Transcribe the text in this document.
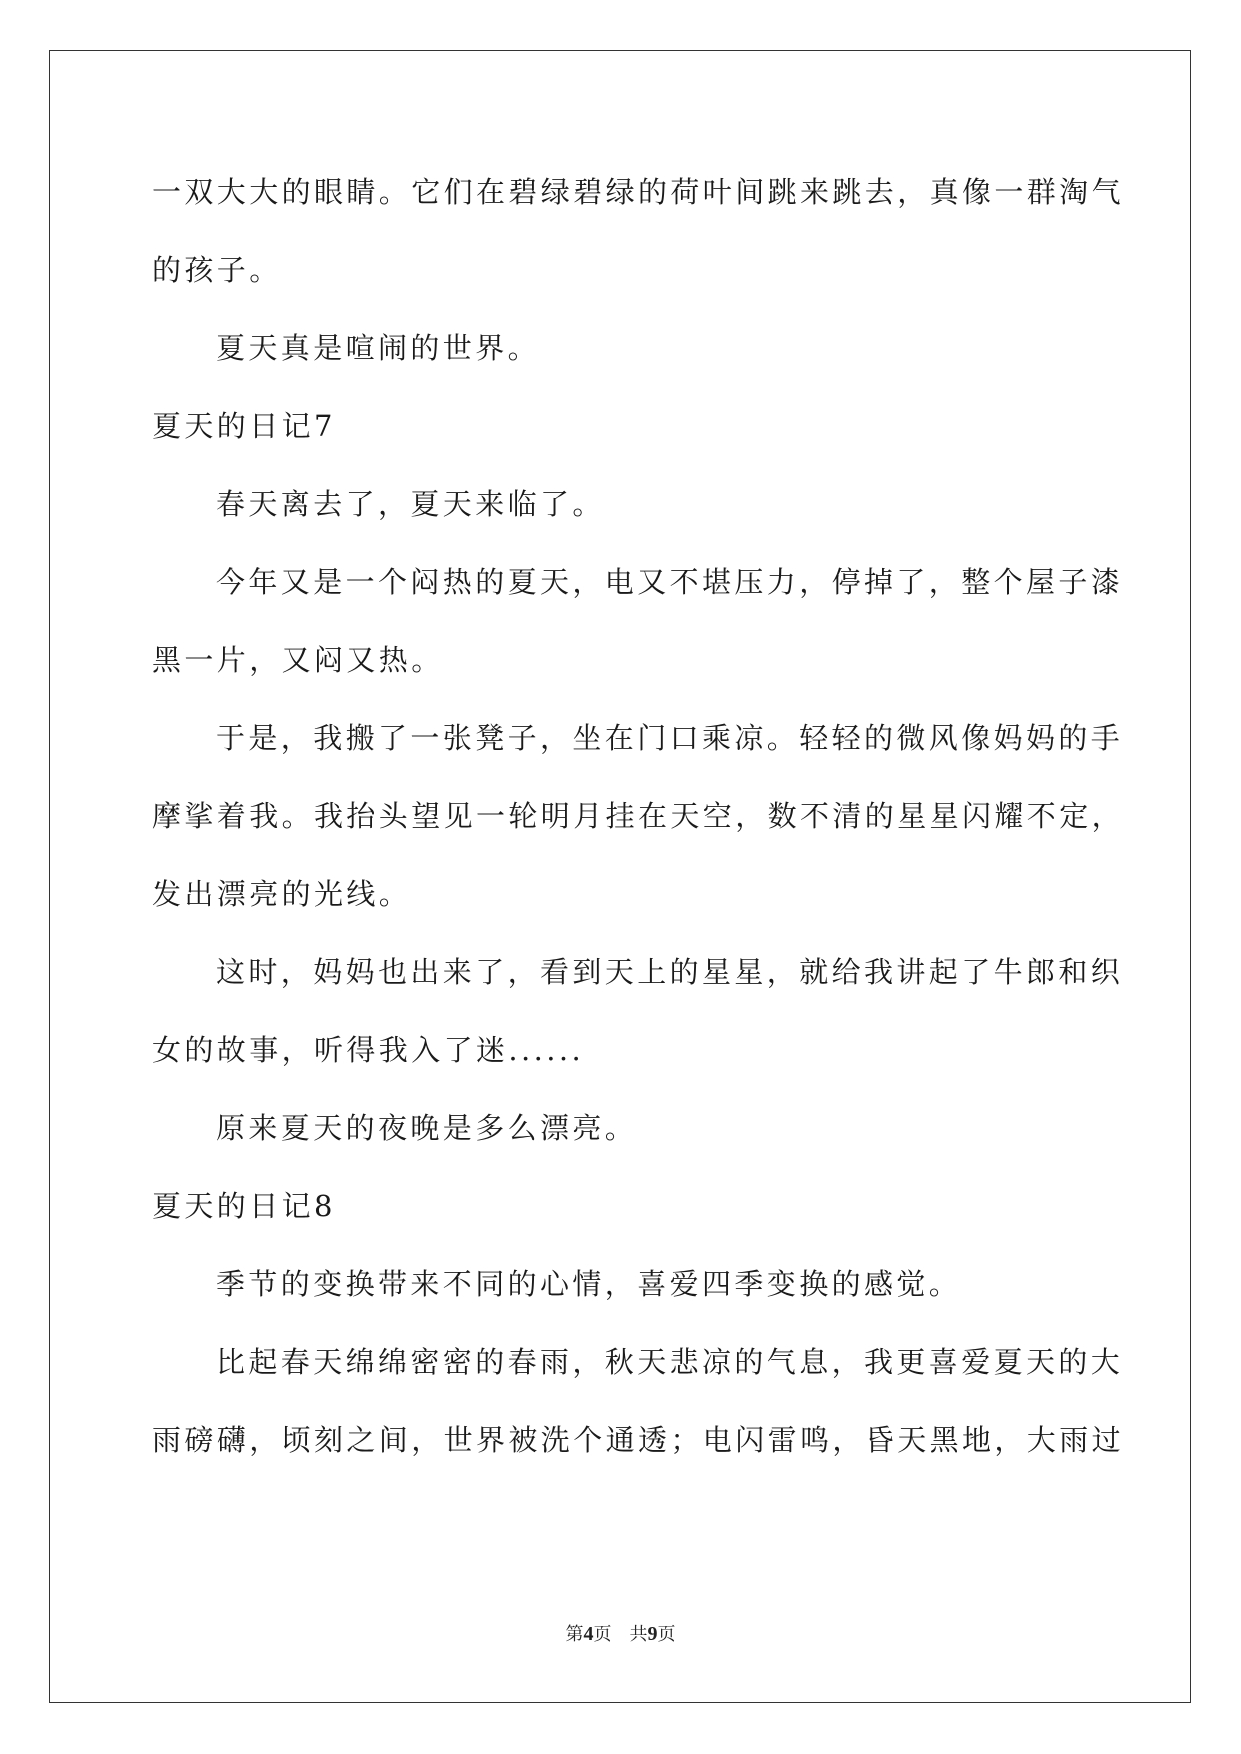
一双大大的眼睛。它们在碧绿碧绿的荷叶间跳来跳去，真像一群淘气

的孩子。

夏天真是喧闹的世界。

夏天的日记7

春天离去了，夏天来临了。

今年又是一个闷热的夏天，电又不堪压力，停掉了，整个屋子漆

黑一片，又闷又热。

于是，我搬了一张凳子，坐在门口乘凉。轻轻的微风像妈妈的手

摩挲着我。我抬头望见一轮明月挂在天空，数不清的星星闪耀不定，

发出漂亮的光线。

这时，妈妈也出来了，看到天上的星星，就给我讲起了牛郎和织

女的故事，听得我入了迷......

原来夏天的夜晚是多么漂亮。

夏天的日记8

季节的变换带来不同的心情，喜爱四季变换的感觉。

比起春天绵绵密密的春雨，秋天悲凉的气息，我更喜爱夏天的大

雨磅礴，顷刻之间，世界被洗个通透；电闪雷鸣，昏天黑地，大雨过

第4页　共9页
